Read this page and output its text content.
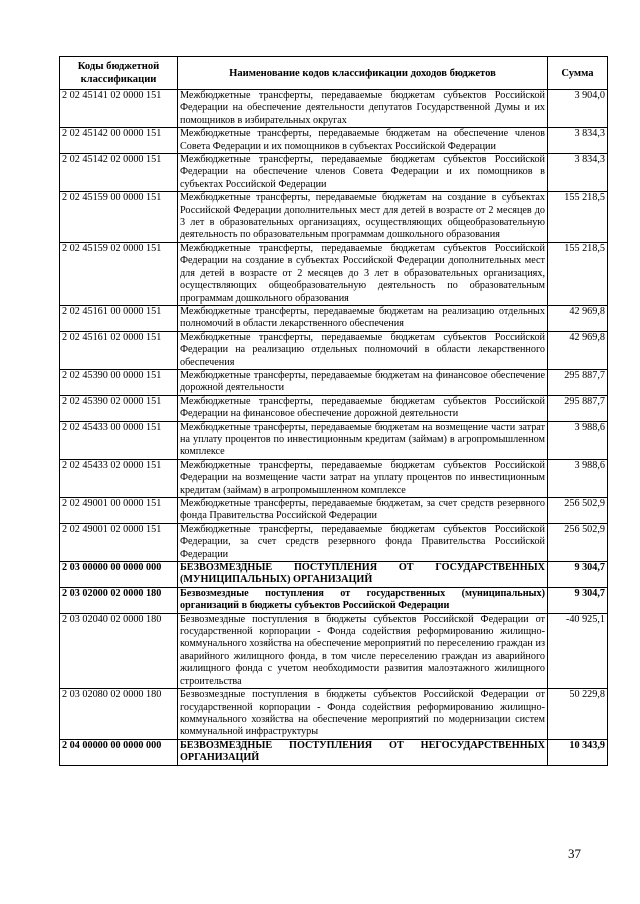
Коды бюджетной классификации	Наименование кодов классификации доходов бюджетов	Сумма
2 02 45141 02 0000 151	Межбюджетные трансферты, передаваемые бюджетам субъектов Российской Федерации на обеспечение деятельности депутатов Государственной Думы и их помощников в избирательных округах	3 904,0
2 02 45142 00 0000 151	Межбюджетные трансферты, передаваемые бюджетам на обеспечение членов Совета Федерации и их помощников в субъектах Российской Федерации	3 834,3
2 02 45142 02 0000 151	Межбюджетные трансферты, передаваемые бюджетам субъектов Российской Федерации на обеспечение членов Совета Федерации и их помощников в субъектах Российской Федерации	3 834,3
2 02 45159 00 0000 151	Межбюджетные трансферты, передаваемые бюджетам на создание в субъектах Российской Федерации дополнительных мест для детей в возрасте от 2 месяцев до 3 лет в образовательных организациях, осуществляющих общеобразовательную деятельность по образовательным программам дошкольного образования	155 218,5
2 02 45159 02 0000 151	Межбюджетные трансферты, передаваемые бюджетам субъектов Российской Федерации на создание в субъектах Российской Федерации дополнительных мест для детей в возрасте от 2 месяцев до 3 лет в образовательных организациях, осуществляющих общеобразовательную деятельность по образовательным программам дошкольного образования	155 218,5
2 02 45161 00 0000 151	Межбюджетные трансферты, передаваемые бюджетам на реализацию отдельных полномочий в области лекарственного обеспечения	42 969,8
2 02 45161 02 0000 151	Межбюджетные трансферты, передаваемые бюджетам субъектов Российской Федерации на реализацию отдельных полномочий в области лекарственного обеспечения	42 969,8
2 02 45390 00 0000 151	Межбюджетные трансферты, передаваемые бюджетам на финансовое обеспечение дорожной деятельности	295 887,7
2 02 45390 02 0000 151	Межбюджетные трансферты, передаваемые бюджетам субъектов Российской Федерации на финансовое обеспечение дорожной деятельности	295 887,7
2 02 45433 00 0000 151	Межбюджетные трансферты, передаваемые бюджетам на возмещение части затрат на уплату процентов по инвестиционным кредитам (займам) в агропромышленном комплексе	3 988,6
2 02 45433 02 0000 151	Межбюджетные трансферты, передаваемые бюджетам субъектов Российской Федерации на возмещение части затрат на уплату процентов по инвестиционным кредитам (займам) в агропромышленном комплексе	3 988,6
2 02 49001 00 0000 151	Межбюджетные трансферты, передаваемые бюджетам, за счет средств резервного фонда Правительства Российской Федерации	256 502,9
2 02 49001 02 0000 151	Межбюджетные трансферты, передаваемые бюджетам субъектов Российской Федерации, за счет средств резервного фонда Правительства Российской Федерации	256 502,9
2 03 00000 00 0000 000	БЕЗВОЗМЕЗДНЫЕ ПОСТУПЛЕНИЯ ОТ ГОСУДАРСТВЕННЫХ (МУНИЦИПАЛЬНЫХ) ОРГАНИЗАЦИЙ	9 304,7
2 03 02000 02 0000 180	Безвозмездные поступления от государственных (муниципальных) организаций в бюджеты субъектов Российской Федерации	9 304,7
2 03 02040 02 0000 180	Безвозмездные поступления в бюджеты субъектов Российской Федерации от государственной корпорации - Фонда содействия реформированию жилищно-коммунального хозяйства на обеспечение мероприятий по переселению граждан из аварийного жилищного фонда, в том числе переселению граждан из аварийного жилищного фонда с учетом необходимости развития малоэтажного жилищного строительства	-40 925,1
2 03 02080 02 0000 180	Безвозмездные поступления в бюджеты субъектов Российской Федерации от государственной корпорации - Фонда содействия реформированию жилищно-коммунального хозяйства на обеспечение мероприятий по модернизации систем коммунальной инфраструктуры	50 229,8
2 04 00000 00 0000 000	БЕЗВОЗМЕЗДНЫЕ ПОСТУПЛЕНИЯ ОТ НЕГОСУДАРСТВЕННЫХ ОРГАНИЗАЦИЙ	10 343,9
37
